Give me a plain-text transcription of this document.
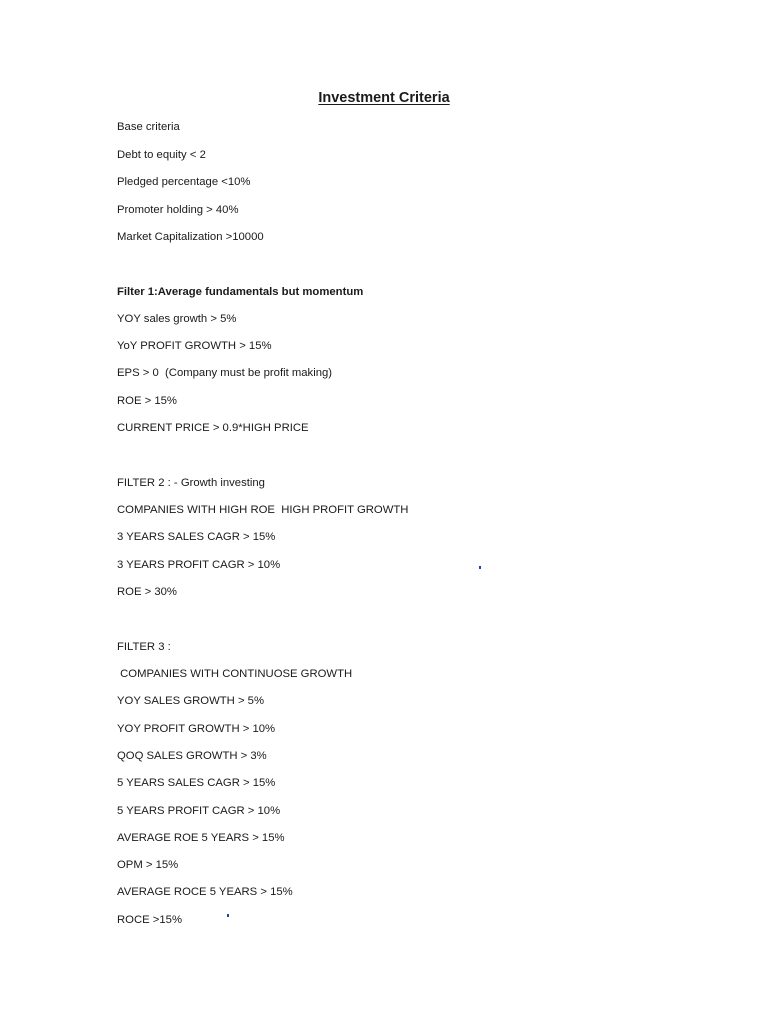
Investment Criteria
Base criteria
Debt to equity < 2
Pledged percentage <10%
Promoter holding > 40%
Market Capitalization >10000
Filter 1:Average fundamentals but momentum
YOY sales growth > 5%
YoY PROFIT GROWTH > 15%
EPS > 0  (Company must be profit making)
ROE > 15%
CURRENT PRICE > 0.9*HIGH PRICE
FILTER 2 : - Growth investing
COMPANIES WITH HIGH ROE  HIGH PROFIT GROWTH
3 YEARS SALES CAGR > 15%
3 YEARS PROFIT CAGR > 10%
ROE > 30%
FILTER 3 :
COMPANIES WITH CONTINUOSE GROWTH
YOY SALES GROWTH > 5%
YOY PROFIT GROWTH > 10%
QOQ SALES GROWTH > 3%
5 YEARS SALES CAGR > 15%
5 YEARS PROFIT CAGR > 10%
AVERAGE ROE 5 YEARS > 15%
OPM > 15%
AVERAGE ROCE 5 YEARS > 15%
ROCE >15%
